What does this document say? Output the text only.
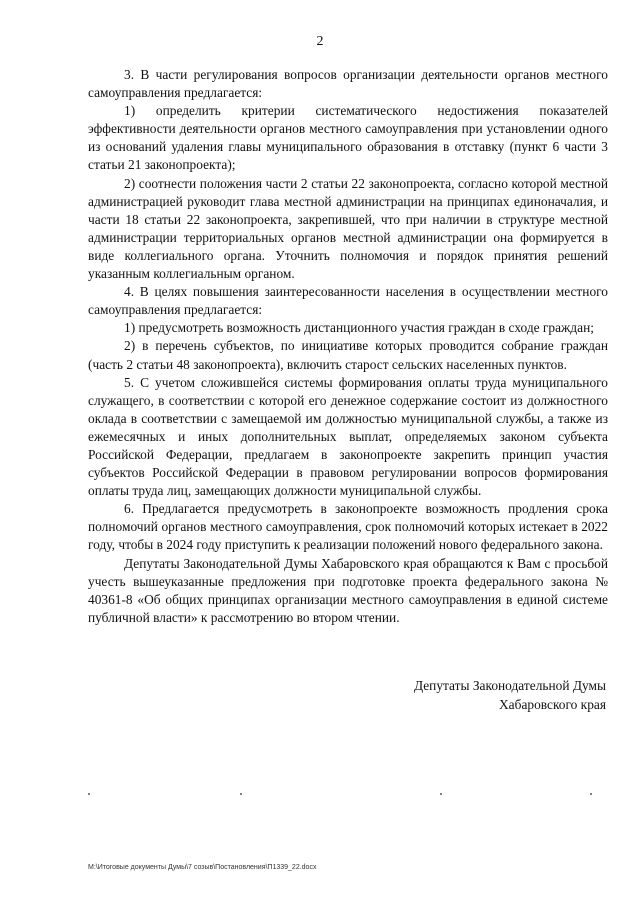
2

3. В части регулирования вопросов организации деятельности органов местного самоуправления предлагается:

1) определить критерии систематического недостижения показателей эффективности деятельности органов местного самоуправления при установлении одного из оснований удаления главы муниципального образования в отставку (пункт 6 части 3 статьи 21 законопроекта);

2) соотнести положения части 2 статьи 22 законопроекта, согласно которой местной администрацией руководит глава местной администрации на принципах единоначалия, и части 18 статьи 22 законопроекта, закрепившей, что при наличии в структуре местной администрации территориальных органов местной администрации она формируется в виде коллегиального органа. Уточнить полномочия и порядок принятия решений указанным коллегиальным органом.

4. В целях повышения заинтересованности населения в осуществлении местного самоуправления предлагается:

1) предусмотреть возможность дистанционного участия граждан в сходе граждан;

2) в перечень субъектов, по инициативе которых проводится собрание граждан (часть 2 статьи 48 законопроекта), включить старост сельских населенных пунктов.

5. С учетом сложившейся системы формирования оплаты труда муниципального служащего, в соответствии с которой его денежное содержание состоит из должностного оклада в соответствии с замещаемой им должностью муниципальной службы, а также из ежемесячных и иных дополнительных выплат, определяемых законом субъекта Российской Федерации, предлагаем в законопроекте закрепить принцип участия субъектов Российской Федерации в правовом регулировании вопросов формирования оплаты труда лиц, замещающих должности муниципальной службы.

6. Предлагается предусмотреть в законопроекте возможность продления срока полномочий органов местного самоуправления, срок полномочий которых истекает в 2022 году, чтобы в 2024 году приступить к реализации положений нового федерального закона.

Депутаты Законодательной Думы Хабаровского края обращаются к Вам с просьбой учесть вышеуказанные предложения при подготовке проекта федерального закона № 40361-8 «Об общих принципах организации местного самоуправления в единой системе публичной власти» к рассмотрению во втором чтении.

Депутаты Законодательной Думы
Хабаровского края
М:\Итоговые документы Думы\7 созыв\Постановления\П1339_22.docx
